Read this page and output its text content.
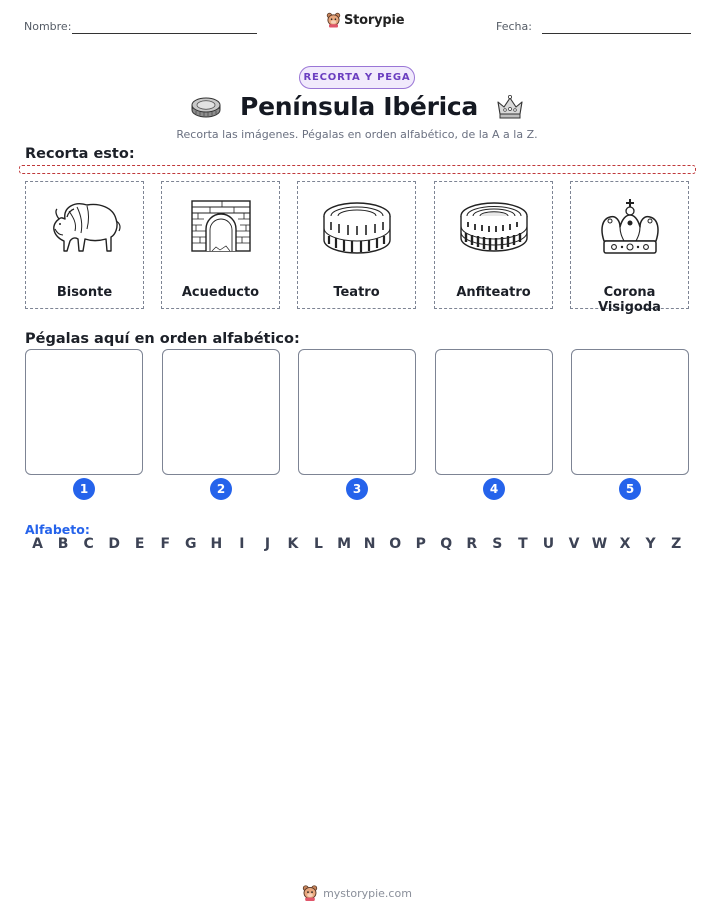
Nombre:	Storypie	Fecha:
RECORTA Y PEGA
Península Ibérica
Recorta las imágenes. Pégalas en orden alfabético, de la A a la Z.
Recorta esto:
Bisonte	Acueducto	Teatro	Anfiteatro	Corona Visigoda
Pégalas aquí en orden alfabético:
1	2	3	4	5
Alfabeto:
A	B	C	D	E	F	G H	I	J	K	L	M N O	P	Q	R	S	T	U	V W X	Y	Z
mystorypie.com
